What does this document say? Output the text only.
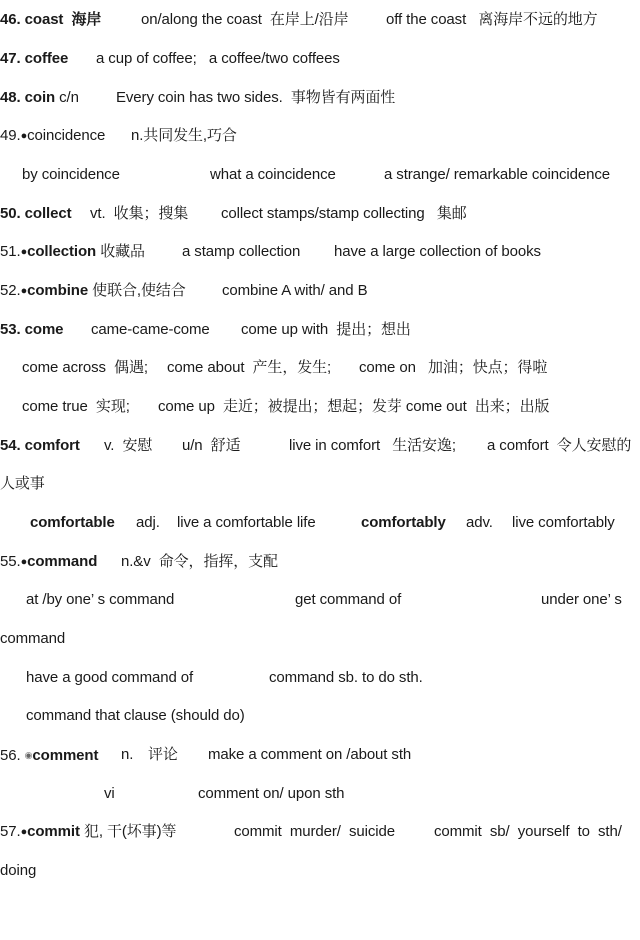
46. coast 海岸

	on/along the coast  在岸上/沿岸

	off the coast   离海岸不远的地方

47. coffee

a cup of coffee;   a coffee/two coffees

48. coin c/n

Every coin has two sides.  事物皆有两面性

49.●coincidence

n.共同发生,巧合

by coincidence

	what a coincidence

	a strange/ remarkable coincidence

50. collect

vt.  收集；搜集

collect stamps/stamp collecting   集邮

51.●collection 收藏品

a stamp collection

have a large collection of books

52.●combine 使联合,使结合

combine A with/ and B

53. come

came-came-come

come up with  提出；想出

come across  偶遇;

come about  产生，发生;

come on   加油；快点；得啦

come true  实现;

come up  走近；被提出；想起；发芽 come out  出来；出版

54. comfort

v.  安慰

u/n  舒适

	live in comfort   生活安逸;

a comfort  令人安慰的

人或事

comfortable

adj.

live a comfortable life

	comfortably

adv.

live comfortably

55.●command

n.&v  命令，指挥，支配

at /by one’ s command

	get command of

	under one’ s

command

have a good command of

	command sb. to do sth.

command that clause (should do)

56. ◉comment

n.

评论

make a comment on /about sth

vi

	comment on/ upon sth

57.●commit 犯, 干(坏事)等

	commit  murder/  suicide

	commit  sb/  yourself  to  sth/

doing
